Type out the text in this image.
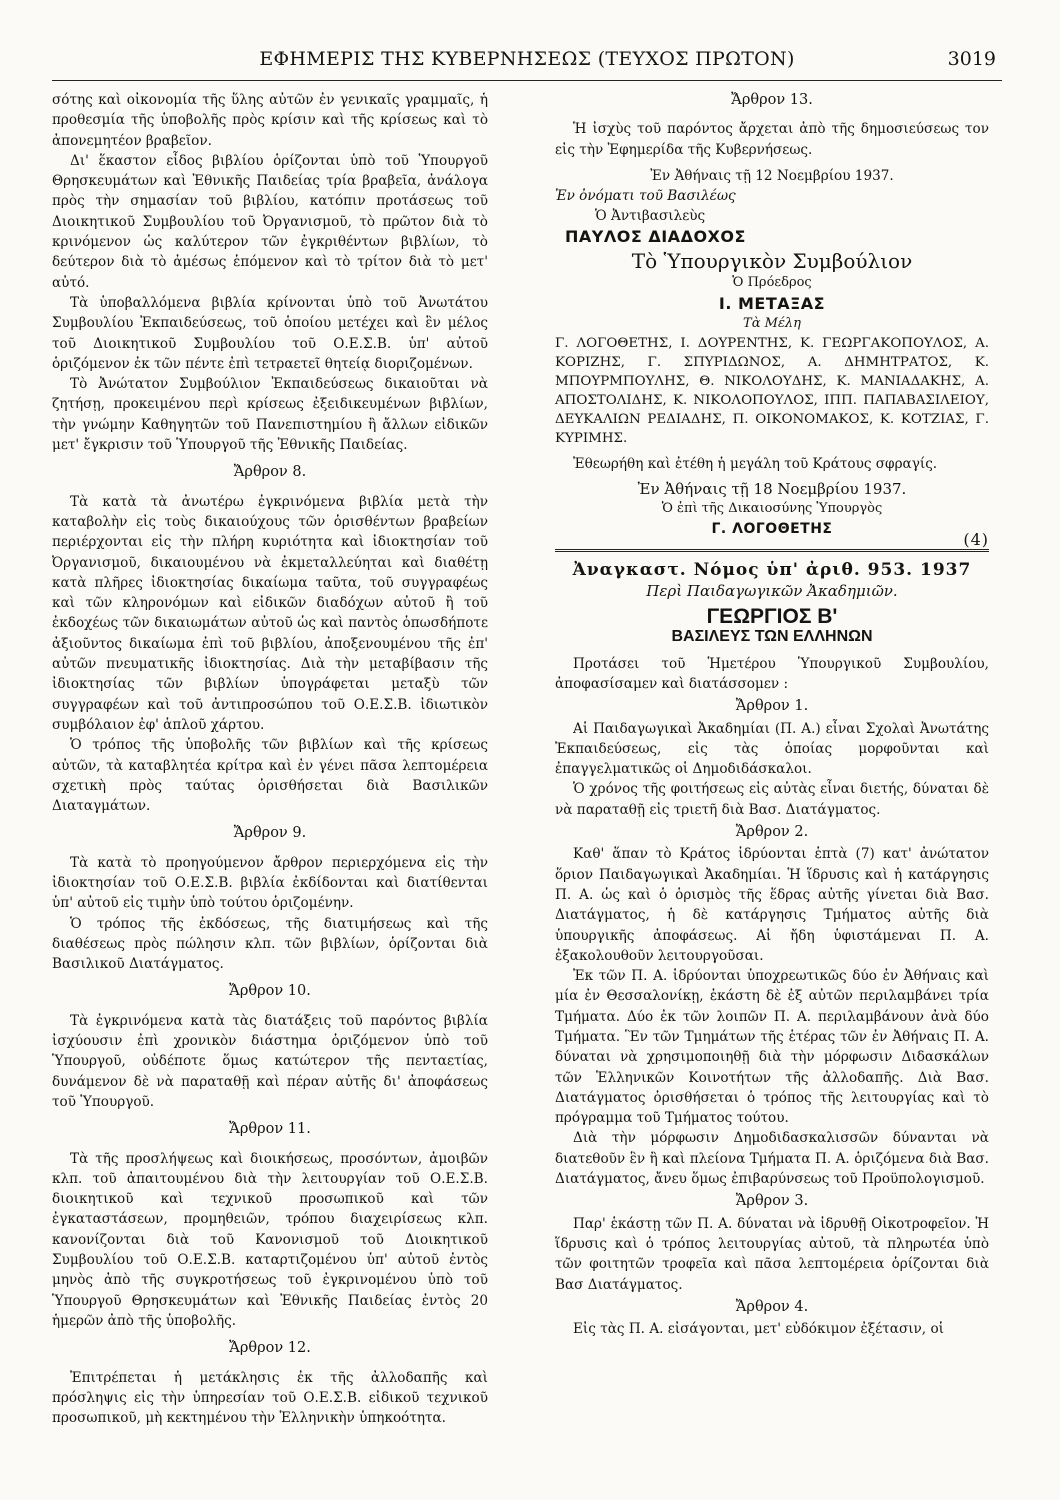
ΕΦΗΜΕΡΙΣ ΤΗΣ ΚΥΒΕΡΝΗΣΕΩΣ (ΤΕΥΧΟΣ ΠΡΩΤΟΝ)	3019

σότης καὶ οἰκονομία τῆς ὕλης αὐτῶν ἐν γενικαῖς γραμμαῖς, ἡ προθεσμία τῆς ὑποβολῆς πρὸς κρίσιν καὶ τῆς κρίσεως καὶ τὸ ἀπονεμητέον βραβεῖον.

Δι' ἕκαστον εἶδος βιβλίου ὁρίζονται ὑπὸ τοῦ Ὑπουργοῦ Θρησκευμάτων καὶ Ἐθνικῆς Παιδείας τρία βραβεῖα, ἀνάλογα πρὸς τὴν σημασίαν τοῦ βιβλίου, κατόπιν προτάσεως τοῦ Διοικητικοῦ Συμβουλίου τοῦ Ὀργανισμοῦ, τὸ πρῶτον διὰ τὸ κρινόμενον ὡς καλύτερον τῶν ἐγκριθέντων βιβλίων, τὸ δεύτερον διὰ τὸ ἀμέσως ἑπόμενον καὶ τὸ τρίτον διὰ τὸ μετ' αὐτό.

Τὰ ὑποβαλλόμενα βιβλία κρίνονται ὑπὸ τοῦ Ἀνωτάτου Συμβουλίου Ἐκπαιδεύσεως, τοῦ ὁποίου μετέχει καὶ ἓν μέλος τοῦ Διοικητικοῦ Συμβουλίου τοῦ Ο.Ε.Σ.Β. ὑπ' αὐτοῦ ὁριζόμενον ἐκ τῶν πέντε ἐπὶ τετραετεῖ θητείᾳ διοριζομένων.

Τὸ Ἀνώτατον Συμβούλιον Ἐκπαιδεύσεως δικαιοῦται νὰ ζητήσῃ, προκειμένου περὶ κρίσεως ἐξειδικευμένων βιβλίων, τὴν γνώμην Καθηγητῶν τοῦ Πανεπιστημίου ἢ ἄλλων εἰδικῶν μετ' ἔγκρισιν τοῦ Ὑπουργοῦ τῆς Ἐθνικῆς Παιδείας.

Ἄρθρον 8.

Τὰ κατὰ τὰ ἀνωτέρω ἐγκρινόμενα βιβλία μετὰ τὴν καταβολὴν εἰς τοὺς δικαιούχους τῶν ὁρισθέντων βραβείων περιέρχονται εἰς τὴν πλήρη κυριότητα καὶ ἰδιοκτησίαν τοῦ Ὀργανισμοῦ, δικαιουμένου νὰ ἐκμεταλλεύηται καὶ διαθέτῃ κατὰ πλῆρες ἰδιοκτησίας δικαίωμα ταῦτα, τοῦ συγγραφέως καὶ τῶν κληρονόμων καὶ εἰδικῶν διαδόχων αὐτοῦ ἢ τοῦ ἐκδοχέως τῶν δικαιωμάτων αὐτοῦ ὡς καὶ παντὸς ὁπωσδήποτε ἀξιοῦντος δικαίωμα ἐπὶ τοῦ βιβλίου, ἀποξενουμένου τῆς ἐπ' αὐτῶν πνευματικῆς ἰδιοκτησίας. Διὰ τὴν μεταβίβασιν τῆς ἰδιοκτησίας τῶν βιβλίων ὑπογράφεται μεταξὺ τῶν συγγραφέων καὶ τοῦ ἀντιπροσώπου τοῦ Ο.Ε.Σ.Β. ἰδιωτικὸν συμβόλαιον ἐφ' ἁπλοῦ χάρτου.

Ὁ τρόπος τῆς ὑποβολῆς τῶν βιβλίων καὶ τῆς κρίσεως αὐτῶν, τὰ καταβλητέα κρίτρα καὶ ἐν γένει πᾶσα λεπτομέρεια σχετικὴ πρὸς ταύτας ὁρισθήσεται διὰ Βασιλικῶν Διαταγμάτων.

Ἄρθρον 9.

Τὰ κατὰ τὸ προηγούμενον ἄρθρον περιερχόμενα εἰς τὴν ἰδιοκτησίαν τοῦ Ο.Ε.Σ.Β. βιβλία ἐκδίδονται καὶ διατίθενται ὑπ' αὐτοῦ εἰς τιμὴν ὑπὸ τούτου ὁριζομένην.

Ὁ τρόπος τῆς ἐκδόσεως, τῆς διατιμήσεως καὶ τῆς διαθέσεως πρὸς πώλησιν κλπ. τῶν βιβλίων, ὁρίζονται διὰ Βασιλικοῦ Διατάγματος.

Ἄρθρον 10.

Τὰ ἐγκρινόμενα κατὰ τὰς διατάξεις τοῦ παρόντος βιβλία ἰσχύουσιν ἐπὶ χρονικὸν διάστημα ὁριζόμενον ὑπὸ τοῦ Ὑπουργοῦ, οὐδέποτε ὅμως κατώτερον τῆς πενταετίας, δυνάμενον δὲ νὰ παραταθῇ καὶ πέραν αὐτῆς δι' ἀποφάσεως τοῦ Ὑπουργοῦ.

Ἄρθρον 11.

Τὰ τῆς προσλήψεως καὶ διοικήσεως, προσόντων, ἀμοιβῶν κλπ. τοῦ ἀπαιτουμένου διὰ τὴν λειτουργίαν τοῦ Ο.Ε.Σ.Β. διοικητικοῦ καὶ τεχνικοῦ προσωπικοῦ καὶ τῶν ἐγκαταστάσεων, προμηθειῶν, τρόπου διαχειρίσεως κλπ. κανονίζονται διὰ τοῦ Κανονισμοῦ τοῦ Διοικητικοῦ Συμβουλίου τοῦ Ο.Ε.Σ.Β. καταρτιζομένου ὑπ' αὐτοῦ ἐντὸς μηνὸς ἀπὸ τῆς συγκροτήσεως τοῦ ἐγκρινομένου ὑπὸ τοῦ Ὑπουργοῦ Θρησκευμάτων καὶ Ἐθνικῆς Παιδείας ἐντὸς 20 ἡμερῶν ἀπὸ τῆς ὑποβολῆς.

Ἄρθρον 12.

Ἐπιτρέπεται ἡ μετάκλησις ἐκ τῆς ἀλλοδαπῆς καὶ πρόσληψις εἰς τὴν ὑπηρεσίαν τοῦ Ο.Ε.Σ.Β. εἰδικοῦ τεχνικοῦ προσωπικοῦ, μὴ κεκτημένου τὴν Ἑλληνικὴν ὑπηκοότητα.

Ἄρθρον 13.

Ἡ ἰσχὺς τοῦ παρόντος ἄρχεται ἀπὸ τῆς δημοσιεύσεως τον εἰς τὴν Ἐφημερίδα τῆς Κυβερνήσεως.

Ἐν Ἀθήναις τῇ 12 Νοεμβρίου 1937.

Ἐν ὀνόματι τοῦ Βασιλέως

Ὁ Ἀντιβασιλεὺς

ΠΑΥΛΟΣ ΔΙΑΔΟΧΟΣ
Τὸ Ὑπουργικὸν Συμβούλιον
Ὁ Πρόεδρος
Ι. ΜΕΤΑΞΑΣ
Τὰ Μέλη

Γ. ΛΟΓΟΘΕΤΗΣ, Ι. ΔΟΥΡΕΝΤΗΣ, Κ. ΓΕΩΡΓΑΚΟΠΟΥΛΟΣ, Α. ΚΟΡΙΖΗΣ, Γ. ΣΠΥΡΙΔΩΝΟΣ, Α. ΔΗΜΗΤΡΑΤΟΣ, Κ. ΜΠΟΥΡΜΠΟΥΛΗΣ, Θ. ΝΙΚΟΛΟΥΔΗΣ, Κ. ΜΑΝΙΑΔΑΚΗΣ, Α. ΑΠΟΣΤΟΛΙΔΗΣ, Κ. ΝΙΚΟΛΟΠΟΥΛΟΣ, ΙΠΠ. ΠΑΠΑΒΑΣΙΛΕΙΟΥ, ΔΕΥΚΑΛΙΩΝ ΡΕΔΙΑΔΗΣ, Π. ΟΙΚΟΝΟΜΑΚΟΣ, Κ. ΚΟΤΖΙΑΣ, Γ. ΚΥΡΙΜΗΣ.

Ἐθεωρήθη καὶ ἐτέθη ἡ μεγάλη τοῦ Κράτους σφραγίς.

Ἐν Ἀθήναις τῇ 18 Νοεμβρίου 1937.

Ὁ ἐπὶ τῆς Δικαιοσύνης Ὑπουργὸς
Γ. ΛΟΓΟΘΕΤΗΣ
(4)
Ἀναγκαστ. Νόμος ὑπ' ἀριθ. 953. 1937
Περὶ Παιδαγωγικῶν Ἀκαδημιῶν.
ΓΕΩΡΓΙΟΣ Β'
ΒΑΣΙΛΕΥΣ ΤΩΝ ΕΛΛΗΝΩΝ

Προτάσει τοῦ Ἡμετέρου Ὑπουργικοῦ Συμβουλίου, ἀποφασίσαμεν καὶ διατάσσομεν :

Ἄρθρον 1.

Αἱ Παιδαγωγικαὶ Ἀκαδημίαι (Π. Α.) εἶναι Σχολαὶ Ἀνωτάτης Ἐκπαιδεύσεως, εἰς τὰς ὁποίας μορφοῦνται καὶ ἐπαγγελματικῶς οἱ Δημοδιδάσκαλοι.

Ὁ χρόνος τῆς φοιτήσεως εἰς αὐτὰς εἶναι διετής, δύναται δὲ νὰ παραταθῇ εἰς τριετῆ διὰ Βασ. Διατάγματος.

Ἄρθρον 2.

Καθ' ἅπαν τὸ Κράτος ἱδρύονται ἑπτὰ (7) κατ' ἀνώτατον ὅριον Παιδαγωγικαὶ Ἀκαδημίαι. Ἡ ἵδρυσις καὶ ἡ κατάργησις Π. Α. ὡς καὶ ὁ ὁρισμὸς τῆς ἕδρας αὐτῆς γίνεται διὰ Βασ. Διατάγματος, ἡ δὲ κατάργησις Τμήματος αὐτῆς διὰ ὑπουργικῆς ἀποφάσεως. Αἱ ἤδη ὑφιστάμεναι Π. Α. ἐξακολουθοῦν λειτουργοῦσαι.

Ἐκ τῶν Π. Α. ἱδρύονται ὑποχρεωτικῶς δύο ἐν Ἀθήναις καὶ μία ἐν Θεσσαλονίκῃ, ἑκάστη δὲ ἐξ αὐτῶν περιλαμβάνει τρία Τμήματα. Δύο ἐκ τῶν λοιπῶν Π. Α. περιλαμβάνουν ἀνὰ δύο Τμήματα. Ἓν τῶν Τμημάτων τῆς ἑτέρας τῶν ἐν Ἀθήναις Π. Α. δύναται νὰ χρησιμοποιηθῇ διὰ τὴν μόρφωσιν Διδασκάλων τῶν Ἑλληνικῶν Κοινοτήτων τῆς ἀλλοδαπῆς. Διὰ Βασ. Διατάγματος ὁρισθήσεται ὁ τρόπος τῆς λειτουργίας καὶ τὸ πρόγραμμα τοῦ Τμήματος τούτου.

Διὰ τὴν μόρφωσιν Δημοδιδασκαλισσῶν δύνανται νὰ διατεθοῦν ἓν ἢ καὶ πλείονα Τμήματα Π. Α. ὁριζόμενα διὰ Βασ. Διατάγματος, ἄνευ ὅμως ἐπιβαρύνσεως τοῦ Προϋπολογισμοῦ.

Ἄρθρον 3.

Παρ' ἑκάστῃ τῶν Π. Α. δύναται νὰ ἱδρυθῇ Οἰκοτροφεῖον. Ἡ ἵδρυσις καὶ ὁ τρόπος λειτουργίας αὐτοῦ, τὰ πληρωτέα ὑπὸ τῶν φοιτητῶν τροφεῖα καὶ πᾶσα λεπτομέρεια ὁρίζονται διὰ Βασ Διατάγματος.

Ἄρθρον 4.

Εἰς τὰς Π. Α. εἰσάγονται, μετ' εὐδόκιμον ἐξέτασιν, οἱ
